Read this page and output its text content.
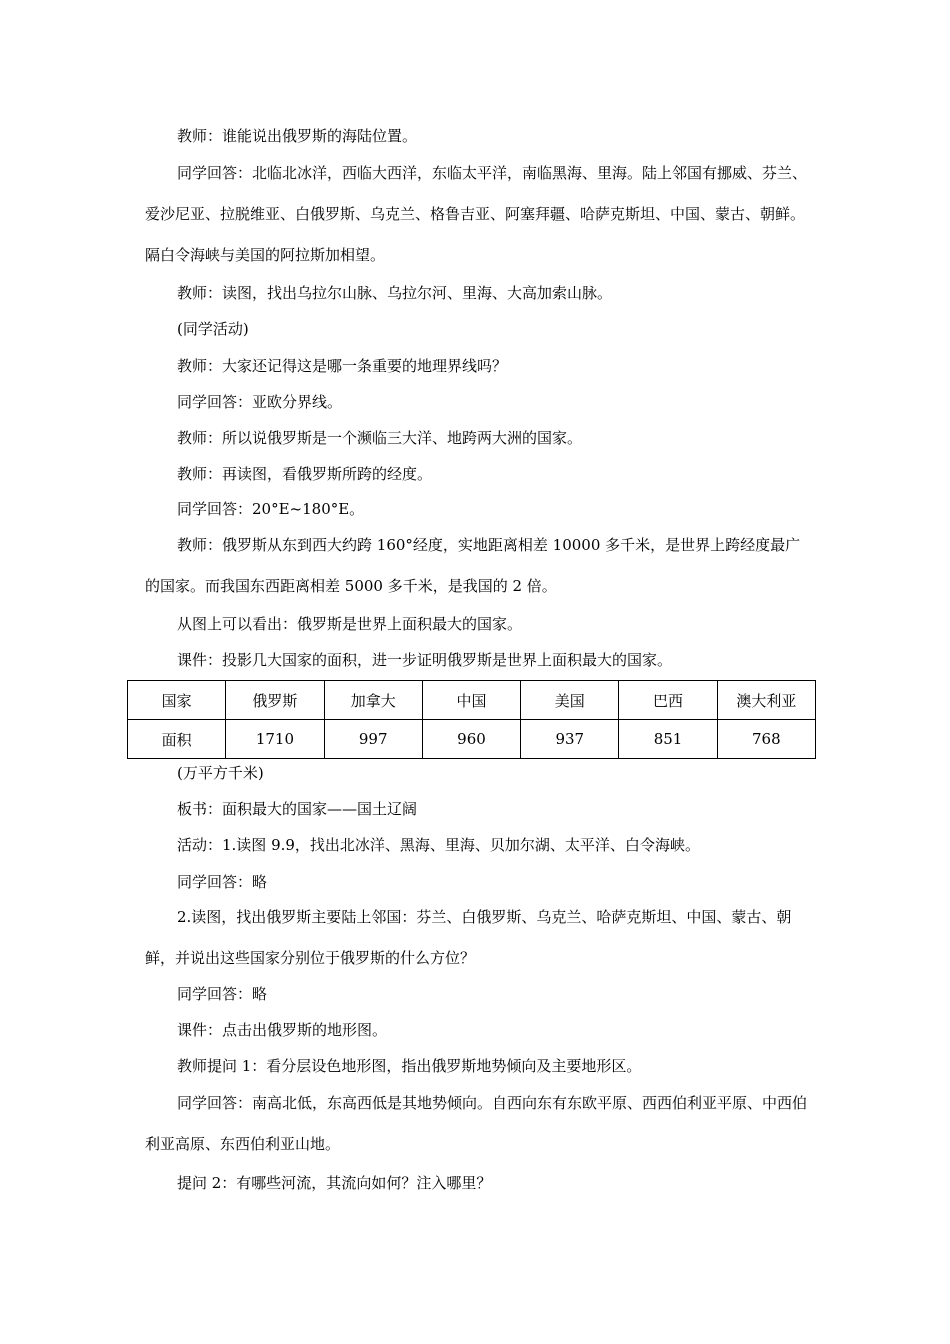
教师：谁能说出俄罗斯的海陆位置。

同学回答：北临北冰洋，西临大西洋，东临太平洋，南临黑海、里海。陆上邻国有挪威、芬兰、爱沙尼亚、拉脱维亚、白俄罗斯、乌克兰、格鲁吉亚、阿塞拜疆、哈萨克斯坦、中国、蒙古、朝鲜。隔白令海峡与美国的阿拉斯加相望。

教师：读图，找出乌拉尔山脉、乌拉尔河、里海、大高加索山脉。

(同学活动)

教师：大家还记得这是哪一条重要的地理界线吗？

同学回答：亚欧分界线。

教师：所以说俄罗斯是一个濒临三大洋、地跨两大洲的国家。

教师：再读图，看俄罗斯所跨的经度。

同学回答：20°E~180°E。

教师：俄罗斯从东到西大约跨 160°经度，实地距离相差 10000 多千米，是世界上跨经度最广的国家。而我国东西距离相差 5000 多千米，是我国的 2 倍。

从图上可以看出：俄罗斯是世界上面积最大的国家。

课件：投影几大国家的面积，进一步证明俄罗斯是世界上面积最大的国家。

国家	俄罗斯	加拿大	中国	美国	巴西	澳大利亚
面积	1710	997	960	937	851	768

(万平方千米)

板书：面积最大的国家——国土辽阔

活动：1.读图 9.9，找出北冰洋、黑海、里海、贝加尔湖、太平洋、白令海峡。

同学回答：略

2.读图，找出俄罗斯主要陆上邻国：芬兰、白俄罗斯、乌克兰、哈萨克斯坦、中国、蒙古、朝鲜，并说出这些国家分别位于俄罗斯的什么方位？

同学回答：略

课件：点击出俄罗斯的地形图。

教师提问 1：看分层设色地形图，指出俄罗斯地势倾向及主要地形区。

同学回答：南高北低，东高西低是其地势倾向。自西向东有东欧平原、西西伯利亚平原、中西伯利亚高原、东西伯利亚山地。

提问 2：有哪些河流，其流向如何？注入哪里？
